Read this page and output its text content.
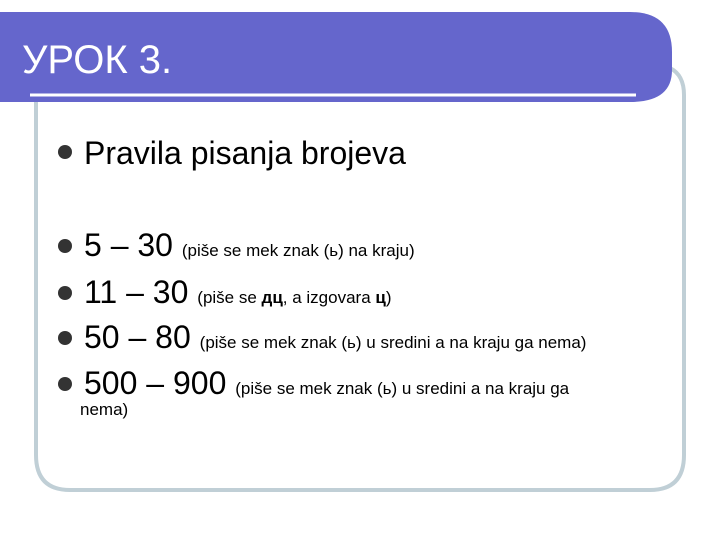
УРОК 3.
Pravila pisanja brojeva
5 – 30 (piše se mek znak (ь) na kraju)
11 – 30 (piše se дц, a izgovara ц)
50 – 80 (piše se mek znak (ь) u sredini a na kraju ga nema)
500 – 900 (piše se mek znak (ь) u sredini a na kraju ga
nema)
